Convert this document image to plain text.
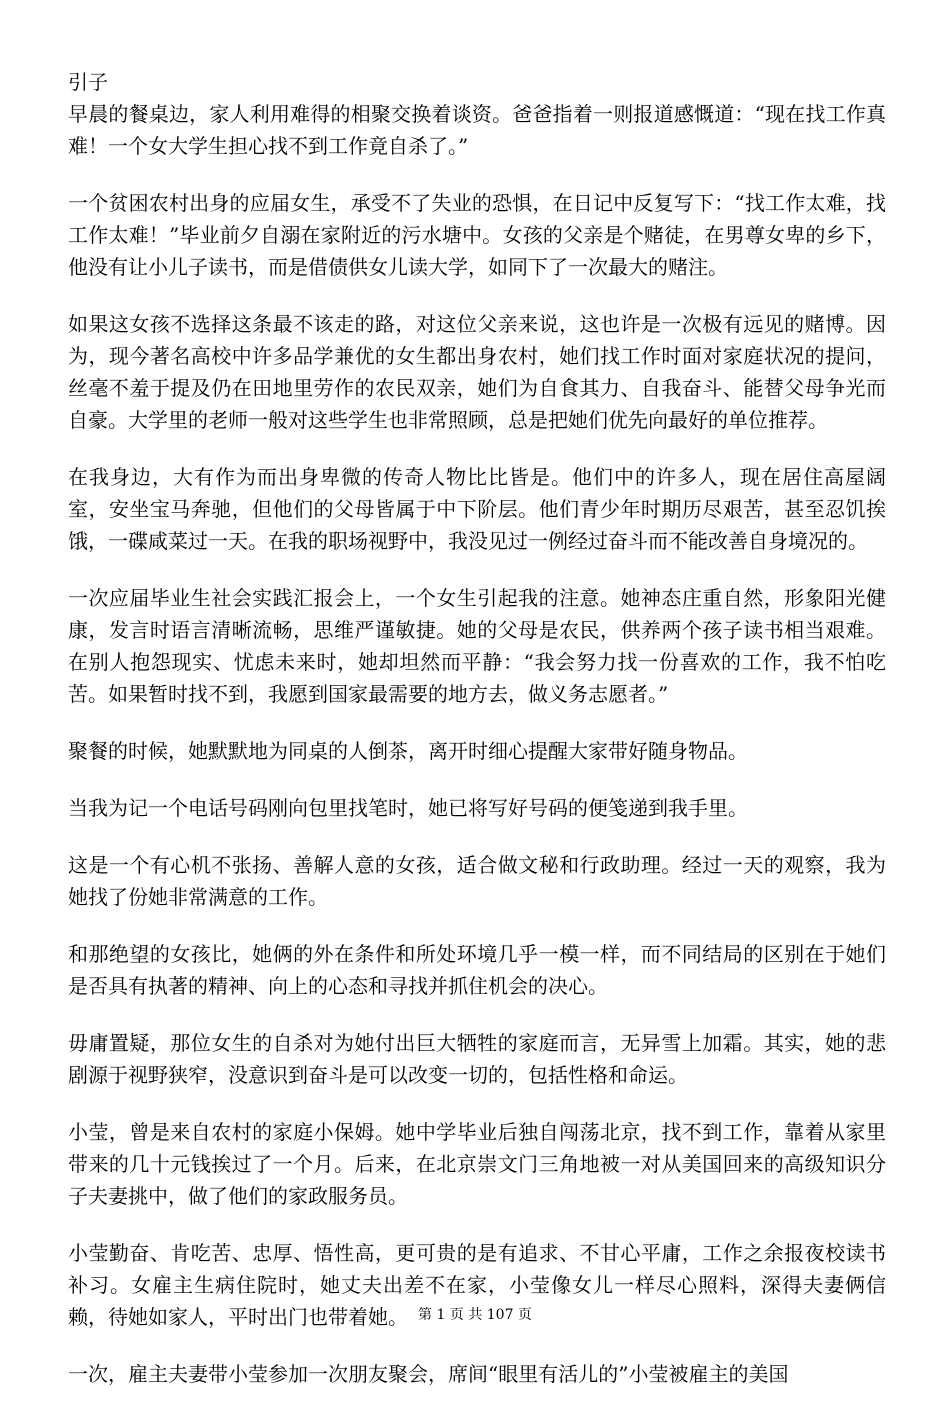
引子

早晨的餐桌边，家人利用难得的相聚交换着谈资。爸爸指着一则报道感慨道：“现在找工作真难！一个女大学生担心找不到工作竟自杀了。”

一个贫困农村出身的应届女生，承受不了失业的恐惧，在日记中反复写下：“找工作太难，找工作太难！”毕业前夕自溺在家附近的污水塘中。女孩的父亲是个赌徒，在男尊女卑的乡下，他没有让小儿子读书，而是借债供女儿读大学，如同下了一次最大的赌注。

如果这女孩不选择这条最不该走的路，对这位父亲来说，这也许是一次极有远见的赌博。因为，现今著名高校中许多品学兼优的女生都出身农村，她们找工作时面对家庭状况的提问，丝毫不羞于提及仍在田地里劳作的农民双亲，她们为自食其力、自我奋斗、能替父母争光而自豪。大学里的老师一般对这些学生也非常照顾，总是把她们优先向最好的单位推荐。

在我身边，大有作为而出身卑微的传奇人物比比皆是。他们中的许多人，现在居住高屋阔室，安坐宝马奔驰，但他们的父母皆属于中下阶层。他们青少年时期历尽艰苦，甚至忍饥挨饿，一碟咸菜过一天。在我的职场视野中，我没见过一例经过奋斗而不能改善自身境况的。

一次应届毕业生社会实践汇报会上，一个女生引起我的注意。她神态庄重自然，形象阳光健康，发言时语言清晰流畅，思维严谨敏捷。她的父母是农民，供养两个孩子读书相当艰难。在别人抱怨现实、忧虑未来时，她却坦然而平静：“我会努力找一份喜欢的工作，我不怕吃苦。如果暂时找不到，我愿到国家最需要的地方去，做义务志愿者。”

聚餐的时候，她默默地为同桌的人倒茶，离开时细心提醒大家带好随身物品。

当我为记一个电话号码刚向包里找笔时，她已将写好号码的便笺递到我手里。

这是一个有心机不张扬、善解人意的女孩，适合做文秘和行政助理。经过一天的观察，我为她找了份她非常满意的工作。

和那绝望的女孩比，她俩的外在条件和所处环境几乎一模一样，而不同结局的区别在于她们是否具有执著的精神、向上的心态和寻找并抓住机会的决心。

毋庸置疑，那位女生的自杀对为她付出巨大牺牲的家庭而言，无异雪上加霜。其实，她的悲剧源于视野狭窄，没意识到奋斗是可以改变一切的，包括性格和命运。

小莹，曾是来自农村的家庭小保姆。她中学毕业后独自闯荡北京，找不到工作，靠着从家里带来的几十元钱挨过了一个月。后来，在北京崇文门三角地被一对从美国回来的高级知识分子夫妻挑中，做了他们的家政服务员。

小莹勤奋、肯吃苦、忠厚、悟性高，更可贵的是有追求、不甘心平庸，工作之余报夜校读书补习。女雇主生病住院时，她丈夫出差不在家，小莹像女儿一样尽心照料，深得夫妻俩信赖，待她如家人，平时出门也带着她。

一次，雇主夫妻带小莹参加一次朋友聚会，席间“眼里有活儿的”小莹被雇主的美国

第 1 页 共 107 页
